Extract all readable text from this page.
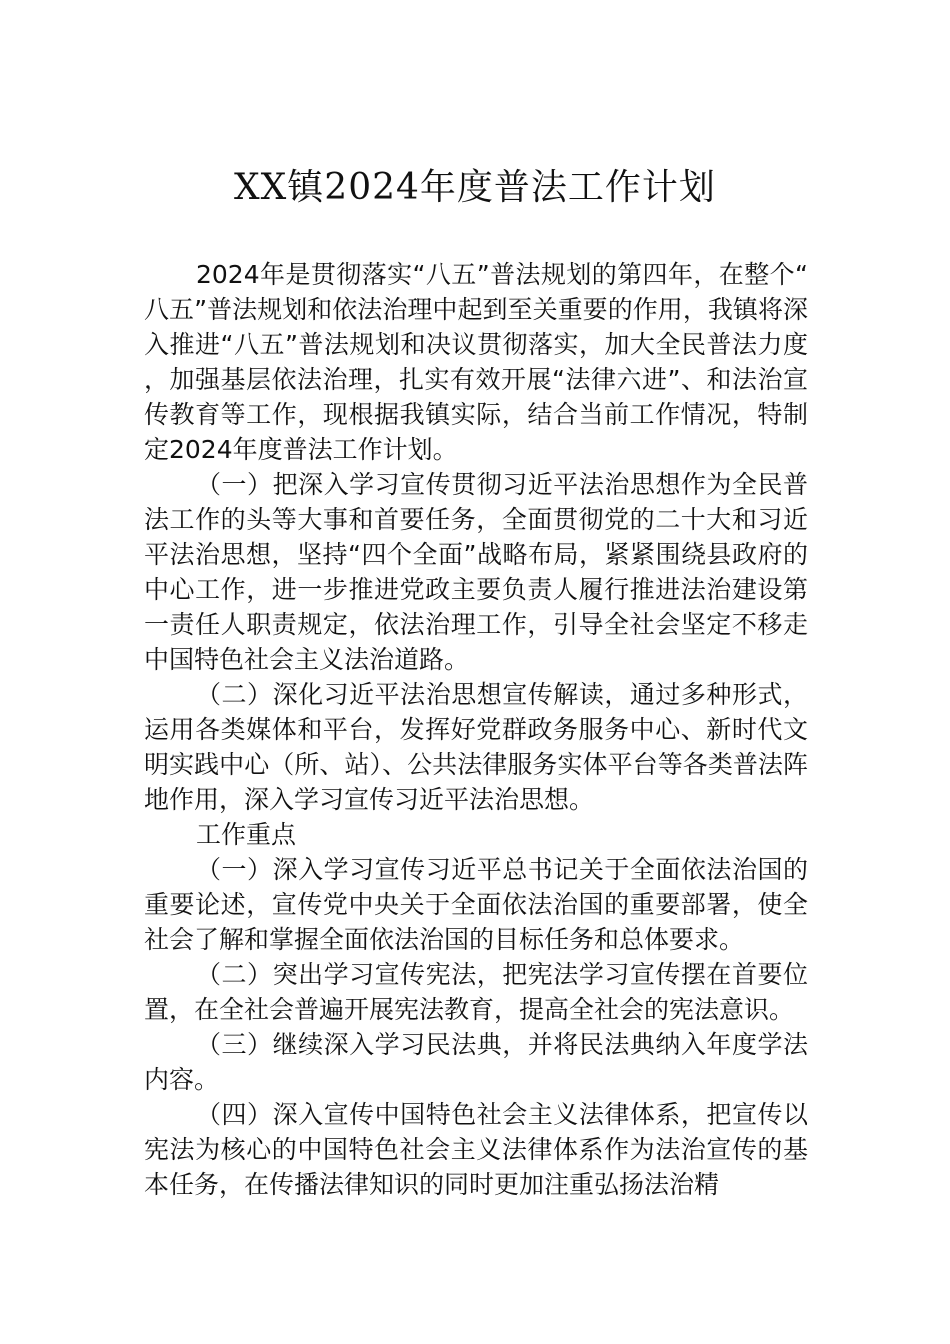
XX镇2024年度普法工作计划

2024年是贯彻落实“八五”普法规划的第四年，在整个“八五”普法规划和依法治理中起到至关重要的作用，我镇将深入推进“八五”普法规划和决议贯彻落实，加大全民普法力度，加强基层依法治理，扎实有效开展“法律六进”、和法治宣传教育等工作，现根据我镇实际，结合当前工作情况，特制定2024年度普法工作计划。

（一）把深入学习宣传贯彻习近平法治思想作为全民普法工作的头等大事和首要任务，全面贯彻党的二十大和习近平法治思想，坚持“四个全面”战略布局，紧紧围绕县政府的中心工作，进一步推进党政主要负责人履行推进法治建设第一责任人职责规定，依法治理工作，引导全社会坚定不移走中国特色社会主义法治道路。

（二）深化习近平法治思想宣传解读，通过多种形式，运用各类媒体和平台，发挥好党群政务服务中心、新时代文明实践中心（所、站）、公共法律服务实体平台等各类普法阵地作用，深入学习宣传习近平法治思想。

工作重点

（一）深入学习宣传习近平总书记关于全面依法治国的重要论述，宣传党中央关于全面依法治国的重要部署，使全社会了解和掌握全面依法治国的目标任务和总体要求。

（二）突出学习宣传宪法，把宪法学习宣传摆在首要位置，在全社会普遍开展宪法教育，提高全社会的宪法意识。

（三）继续深入学习民法典，并将民法典纳入年度学法内容。

（四）深入宣传中国特色社会主义法律体系，把宣传以宪法为核心的中国特色社会主义法律体系作为法治宣传的基本任务，在传播法律知识的同时更加注重弘扬法治精
